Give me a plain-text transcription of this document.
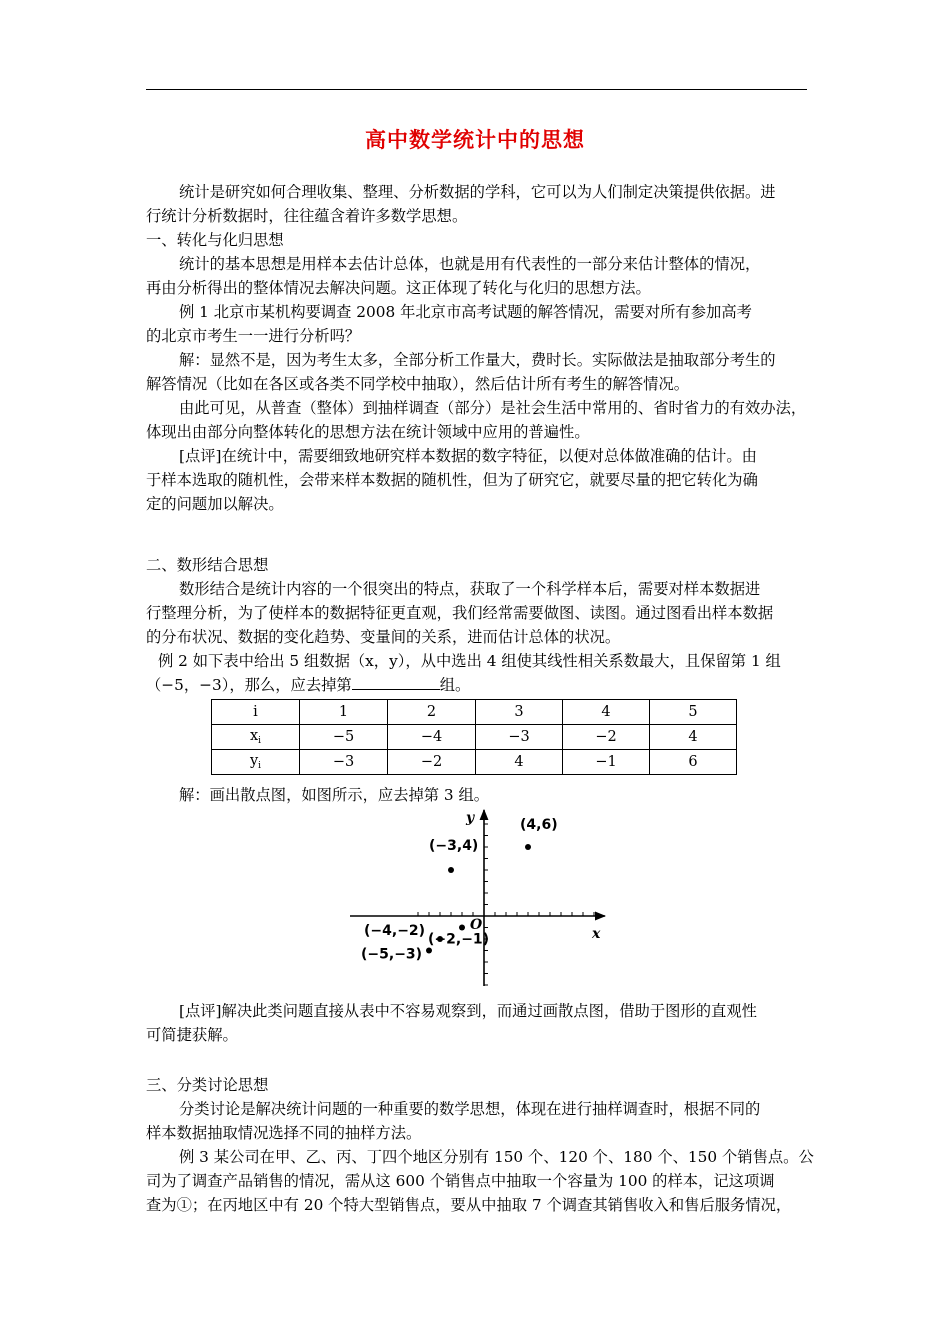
高中数学统计中的思想
统计是研究如何合理收集、整理、分析数据的学科，它可以为人们制定决策提供依据。进
行统计分析数据时，往往蕴含着许多数学思想。
一、转化与化归思想
统计的基本思想是用样本去估计总体，也就是用有代表性的一部分来估计整体的情况，
再由分析得出的整体情况去解决问题。这正体现了转化与化归的思想方法。
例 1 北京市某机构要调查 2008 年北京市高考试题的解答情况，需要对所有参加高考
的北京市考生一一进行分析吗？
解：显然不是，因为考生太多，全部分析工作量大，费时长。实际做法是抽取部分考生的
解答情况（比如在各区或各类不同学校中抽取），然后估计所有考生的解答情况。
由此可见，从普查（整体）到抽样调查（部分）是社会生活中常用的、省时省力的有效办法，
体现出由部分向整体转化的思想方法在统计领域中应用的普遍性。
[点评]在统计中，需要细致地研究样本数据的数字特征，以便对总体做准确的估计。由
于样本选取的随机性，会带来样本数据的随机性，但为了研究它，就要尽量的把它转化为确
定的问题加以解决。
二、数形结合思想
数形结合是统计内容的一个很突出的特点，获取了一个科学样本后，需要对样本数据进
行整理分析，为了使样本的数据特征更直观，我们经常需要做图、读图。通过图看出样本数据
的分布状况、数据的变化趋势、变量间的关系，进而估计总体的状况。
例 2 如下表中给出 5 组数据（x，y），从中选出 4 组使其线性相关系数最大，且保留第 1 组
（−5，−3），那么，应去掉第	组。
i	1	2	3	4	5
$x_i$	−5	−4	−3	−2	4
$y_i$	−3	−2	4	−1	6
解：画出散点图，如图所示，应去掉第 3 组。
x
y
O
(−5,−3)
(−4,−2)
(−3,4)
(−2,−1)
(4,6)
[点评]解决此类问题直接从表中不容易观察到，而通过画散点图，借助于图形的直观性
可简捷获解。
三、分类讨论思想
分类讨论是解决统计问题的一种重要的数学思想，体现在进行抽样调查时，根据不同的
样本数据抽取情况选择不同的抽样方法。
例 3 某公司在甲、乙、丙、丁四个地区分别有 150 个、120 个、180 个、150 个销售点。公
司为了调查产品销售的情况，需从这 600 个销售点中抽取一个容量为 100 的样本，记这项调
查为①；在丙地区中有 20 个特大型销售点，要从中抽取 7 个调查其销售收入和售后服务情况，
